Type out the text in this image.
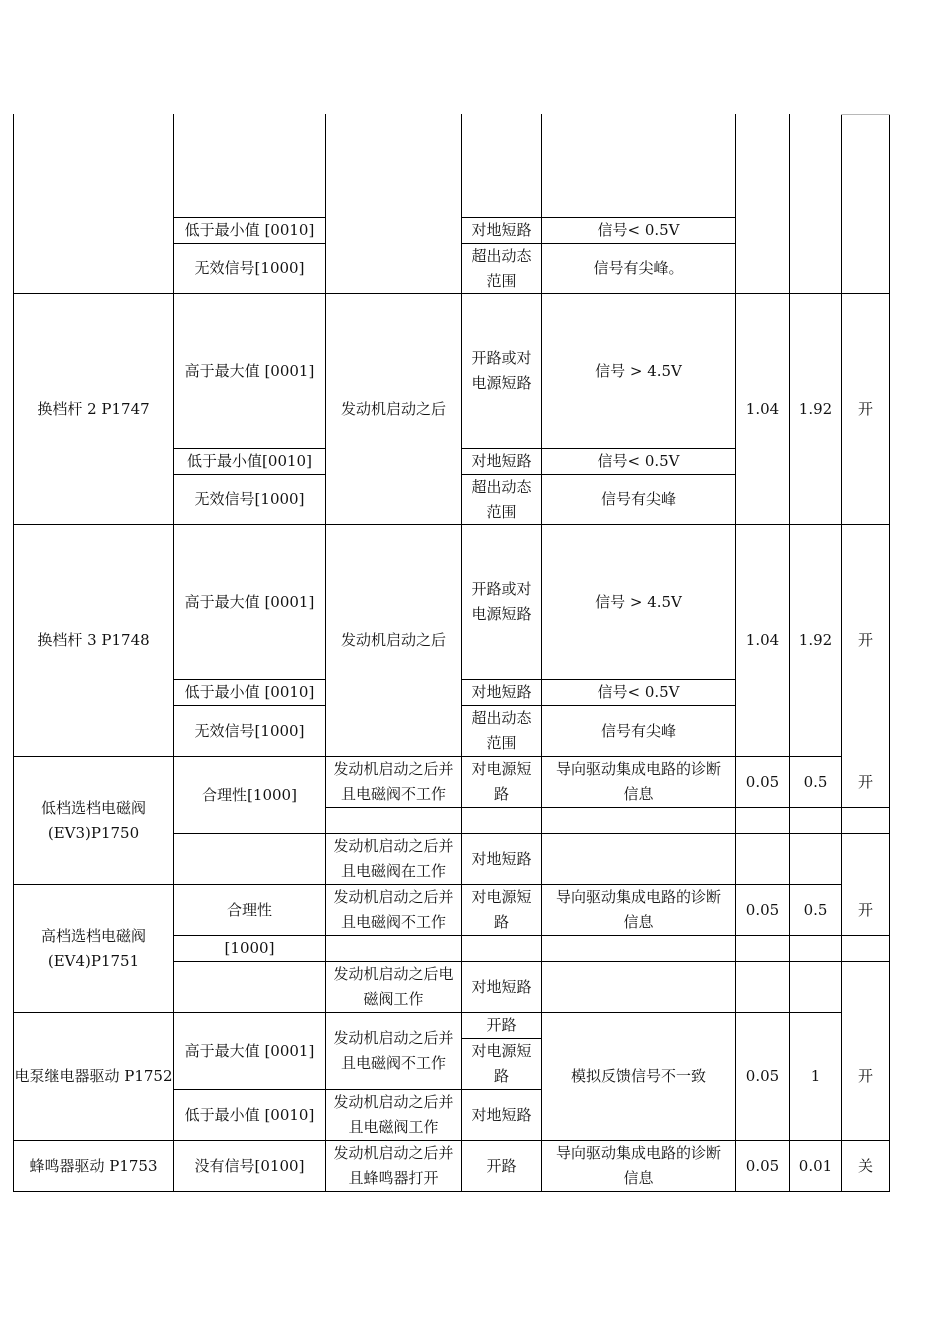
低于最小值 [0010]
无效信号[1000]
对地短路
超出动态
范围
信号< 0.5V
信号有尖峰。
换档杆 2 P1747
高于最大值 [0001]
低于最小值[0010]
无效信号[1000]
发动机启动之后
开路或对
电源短路
对地短路
超出动态
范围
信号 > 4.5V
信号< 0.5V
信号有尖峰
1.04 1.92 开
换档杆 3 P1748
高于最大值 [0001]
低于最小值 [0010]
无效信号[1000]
发动机启动之后
开路或对
电源短路
对地短路
超出动态
范围
信号 > 4.5V
信号< 0.5V
信号有尖峰
1.04 1.92 开
低档选档电磁阀
(EV3)P1750
合理性[1000]
发动机启动之后并
且电磁阀不工作
对电源短
路
导向驱动集成电路的诊断
信息
0.05 0.5 开
发动机启动之后并
且电磁阀在工作
对地短路
高档选档电磁阀
(EV4)P1751
合理性
[1000]
发动机启动之后并
且电磁阀不工作
对电源短
路
导向驱动集成电路的诊断
信息
0.05 0.5 开
发动机启动之后电
磁阀工作
对地短路
电泵继电器驱动 P1752
高于最大值 [0001]
低于最小值 [0010]
发动机启动之后并
且电磁阀不工作
发动机启动之后并
且电磁阀工作
开路
对电源短
路
对地短路
模拟反馈信号不一致	0.05 1	开
蜂鸣器驱动 P1753 没有信号[0100]
发动机启动之后并
且蜂鸣器打开
开路
导向驱动集成电路的诊断
信息
0.05 0.01 关
